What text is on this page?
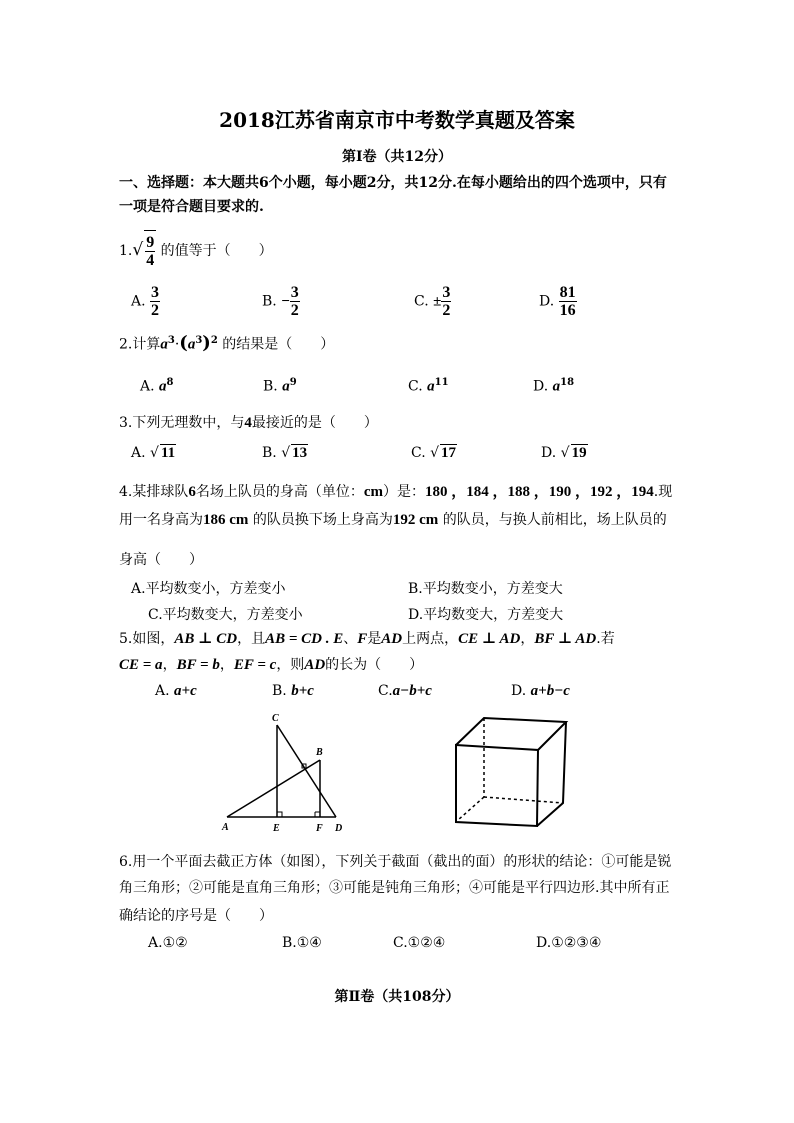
2018江苏省南京市中考数学真题及答案
第Ⅰ卷（共12分）
一、选择题：本大题共6个小题，每小题2分，共12分.在每小题给出的四个选项中，只有
一项是符合题目要求的.
$1.√ \frac{9}{4}$ 的值等于（　　）
A. $\frac{3}{2}$	B. − $\frac{3}{2}$	C. ± $\frac{3}{2}$	D. $\frac{81}{16}$
2.计算$a^3\cdot(a^3)^2$ 的结果是（　　）
A. $a^8$	B. $a^9$	C. $a^{11}$	D. $a^{18}$
3.下列无理数中，与4最接近的是（　　）
A. √ 11	B. √ 13	C. √ 17	D. √ 19
4.某排球队6名场上队员的身高（单位：cm）是：180 ，184 ，188 ，190 ，192 ，194.现
用一名身高为186 cm 的队员换下场上身高为192 cm 的队员，与换人前相比，场上队员的
身高（　　）
A.平均数变小，方差变小	B.平均数变小，方差变大
C.平均数变大，方差变小	D.平均数变大，方差变大
5.如图，AB ⊥ CD，且AB = CD . E、F是AD上两点，CE ⊥ AD，BF ⊥ AD.若
CE = a，BF = b，EF = c，则AD的长为（　　）
A. a+c	B. b+c	C.a−b+c	D. a+b−c
C
B
A	E	F D
6.用一个平面去截正方体（如图），下列关于截面（截出的面）的形状的结论：①可能是锐
角三角形；②可能是直角三角形；③可能是钝角三角形；④可能是平行四边形.其中所有正
确结论的序号是（　　）
A.①②	B.①④	C.①②④	D.①②③④
第Ⅱ卷（共108分）
